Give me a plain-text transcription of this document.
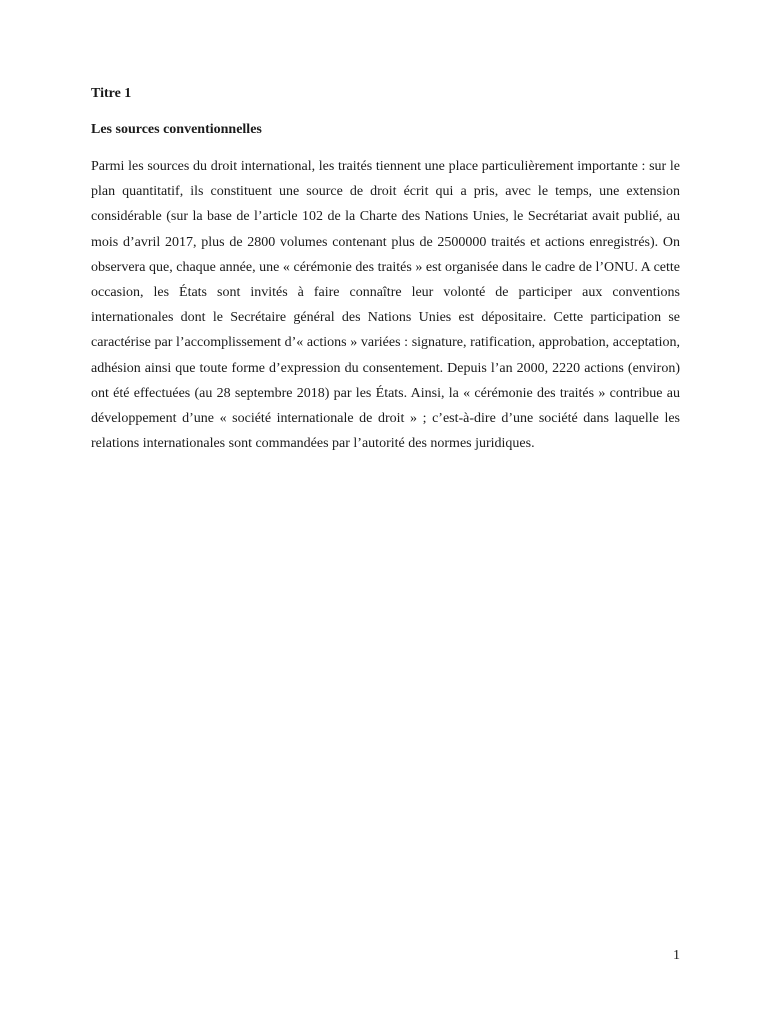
Titre 1

Les sources conventionnelles

Parmi les sources du droit international, les traités tiennent une place particulièrement importante : sur le plan quantitatif, ils constituent une source de droit écrit qui a pris, avec le temps, une extension considérable (sur la base de l’article 102 de la Charte des Nations Unies, le Secrétariat avait publié, au mois d’avril 2017, plus de 2800 volumes contenant plus de 2500000 traités et actions enregistrés). On observera que, chaque année, une « cérémonie des traités » est organisée dans le cadre de l’ONU. A cette occasion, les États sont invités à faire connaître leur volonté de participer aux conventions internationales dont le Secrétaire général des Nations Unies est dépositaire. Cette participation se caractérise par l’accomplissement d’« actions » variées : signature, ratification, approbation, acceptation, adhésion ainsi que toute forme d’expression du consentement. Depuis l’an 2000, 2220 actions (environ) ont été effectuées (au 28 septembre 2018) par les États. Ainsi, la « cérémonie des traités » contribue au développement d’une « société internationale de droit » ; c’est-à-dire d’une société dans laquelle les relations internationales sont commandées par l’autorité des normes juridiques.

1
